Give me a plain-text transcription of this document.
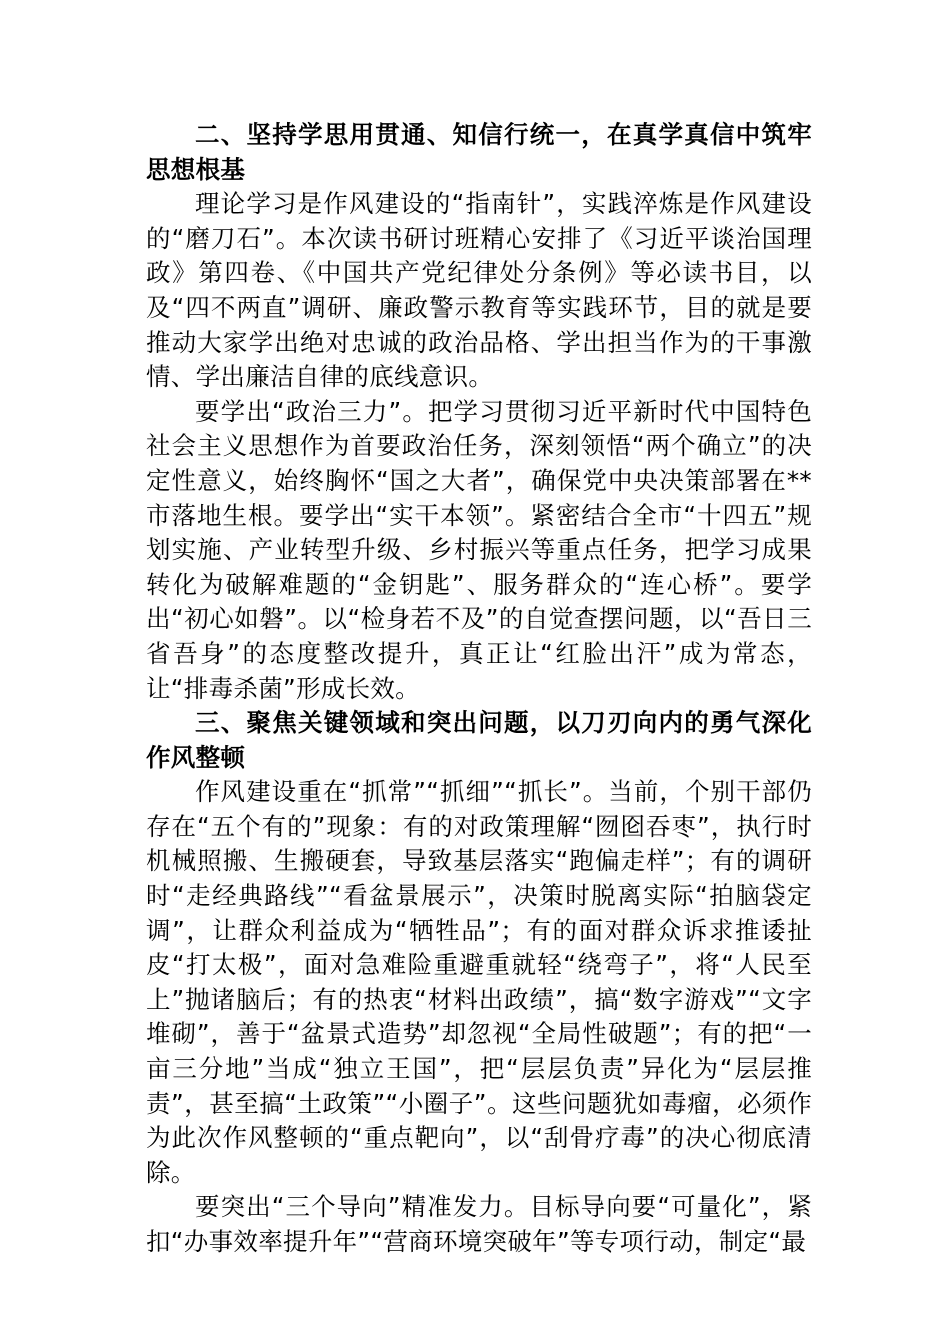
二、坚持学思用贯通、知信行统一，在真学真信中筑牢思想根基

理论学习是作风建设的“指南针”，实践淬炼是作风建设的“磨刀石”。本次读书研讨班精心安排了《习近平谈治国理政》第四卷、《中国共产党纪律处分条例》等必读书目，以及“四不两直”调研、廉政警示教育等实践环节，目的就是要推动大家学出绝对忠诚的政治品格、学出担当作为的干事激情、学出廉洁自律的底线意识。

要学出“政治三力”。把学习贯彻习近平新时代中国特色社会主义思想作为首要政治任务，深刻领悟“两个确立”的决定性意义，始终胸怀“国之大者”，确保党中央决策部署在**市落地生根。要学出“实干本领”。紧密结合全市“十四五”规划实施、产业转型升级、乡村振兴等重点任务，把学习成果转化为破解难题的“金钥匙”、服务群众的“连心桥”。要学出“初心如磐”。以“检身若不及”的自觉查摆问题，以“吾日三省吾身”的态度整改提升，真正让“红脸出汗”成为常态，让“排毒杀菌”形成长效。

三、聚焦关键领域和突出问题，以刀刃向内的勇气深化作风整顿

作风建设重在“抓常”“抓细”“抓长”。当前，个别干部仍存在“五个有的”现象：有的对政策理解“囫囵吞枣”，执行时机械照搬、生搬硬套，导致基层落实“跑偏走样”；有的调研时“走经典路线”“看盆景展示”，决策时脱离实际“拍脑袋定调”，让群众利益成为“牺牲品”；有的面对群众诉求推诿扯皮“打太极”，面对急难险重避重就轻“绕弯子”，将“人民至上”抛诸脑后；有的热衷“材料出政绩”，搞“数字游戏”“文字堆砌”，善于“盆景式造势”却忽视“全局性破题”；有的把“一亩三分地”当成“独立王国”，把“层层负责”异化为“层层推责”，甚至搞“土政策”“小圈子”。这些问题犹如毒瘤，必须作为此次作风整顿的“重点靶向”，以“刮骨疗毒”的决心彻底清除。

要突出“三个导向”精准发力。目标导向要“可量化”，紧扣“办事效率提升年”“营商环境突破年”等专项行动，制定“最
